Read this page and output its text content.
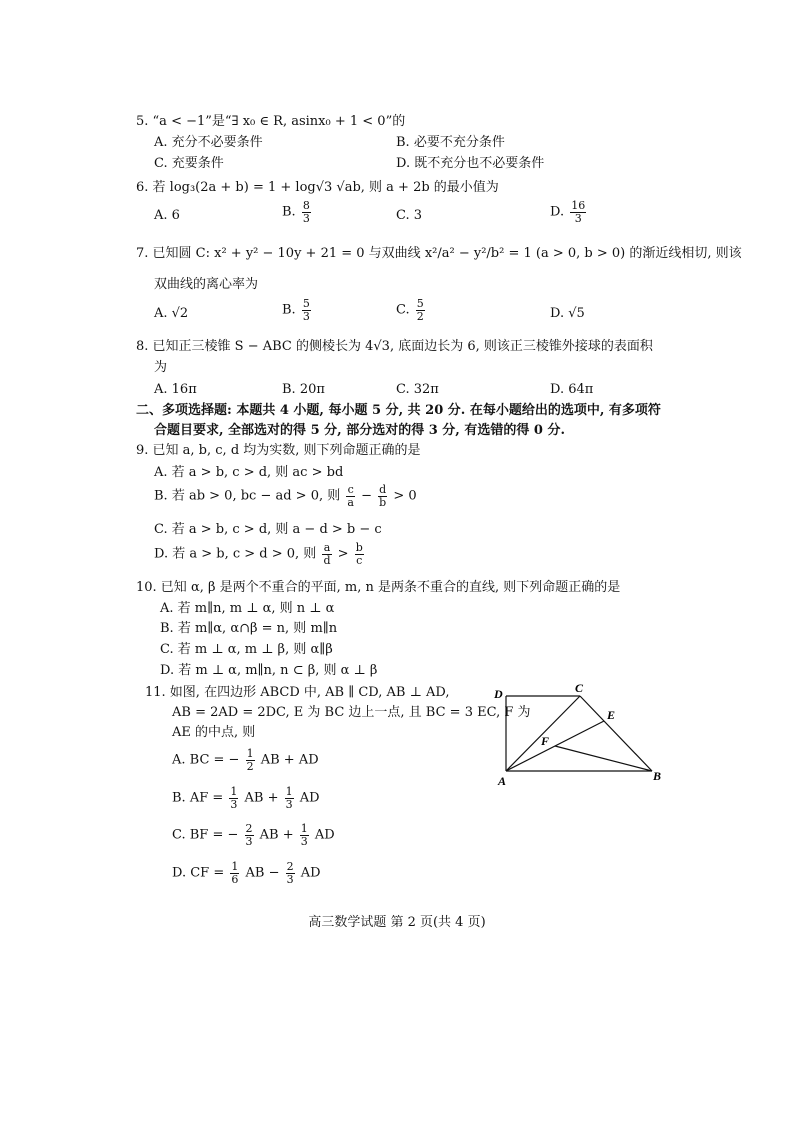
5. “a < −1”是“∃ x₀ ∈ R, asinx₀ + 1 < 0”的
A. 充分不必要条件	B. 必要不充分条件
C. 充要条件	D. 既不充分也不必要条件
6. 若 log₃(2a + b) = 1 + log√3 √ab, 则 a + 2b 的最小值为
A. 6	B. $\frac{8}{3}$	C. 3	D. $\frac{16}{3}$
7. 已知圆 C: x² + y² − 10y + 21 = 0 与双曲线 x²/a² − y²/b² = 1 (a > 0, b > 0) 的渐近线相切, 则该
双曲线的离心率为
A. √2	B. $\frac{5}{3}$	C. $\frac{5}{2}$	D. √5
8. 已知正三棱锥 S − ABC 的侧棱长为 4√3, 底面边长为 6, 则该正三棱锥外接球的表面积
为
A. 16π	B. 20π	C. 32π	D. 64π
二、多项选择题: 本题共 4 小题, 每小题 5 分, 共 20 分. 在每小题给出的选项中, 有多项符
合题目要求, 全部选对的得 5 分, 部分选对的得 3 分, 有选错的得 0 分.
9. 已知 a, b, c, d 均为实数, 则下列命题正确的是
A. 若 a > b, c > d, 则 ac > bd
B. 若 ab > 0, bc − ad > 0, 则 $\frac{c}{a} - \frac{d}{b} > 0$
C. 若 a > b, c > d, 则 a − d > b − c
D. 若 a > b, c > d > 0, 则 $\frac{a}{d} > \frac{b}{c}$
10. 已知 α, β 是两个不重合的平面, m, n 是两条不重合的直线, 则下列命题正确的是
A. 若 m∥n, m ⊥ α, 则 n ⊥ α
B. 若 m∥α, α∩β = n, 则 m∥n
C. 若 m ⊥ α, m ⊥ β, 则 α∥β
D. 若 m ⊥ α, m∥n, n ⊂ β, 则 α ⊥ β
11. 如图, 在四边形 ABCD 中, AB ∥ CD, AB ⊥ AD,
AB = 2AD = 2DC, E 为 BC 边上一点, 且 BC = 3 EC, F 为
AE 的中点, 则
A. BC = − $\frac{1}{2}$ AB + AD
B. AF = $\frac{1}{3}$ AB + $\frac{1}{3}$ AD
C. BF = − $\frac{2}{3}$ AB + $\frac{1}{3}$ AD
D. CF = $\frac{1}{6}$ AB − $\frac{2}{3}$ AD
D	C
E
F
A	B
高三数学试题 第 2 页(共 4 页)
